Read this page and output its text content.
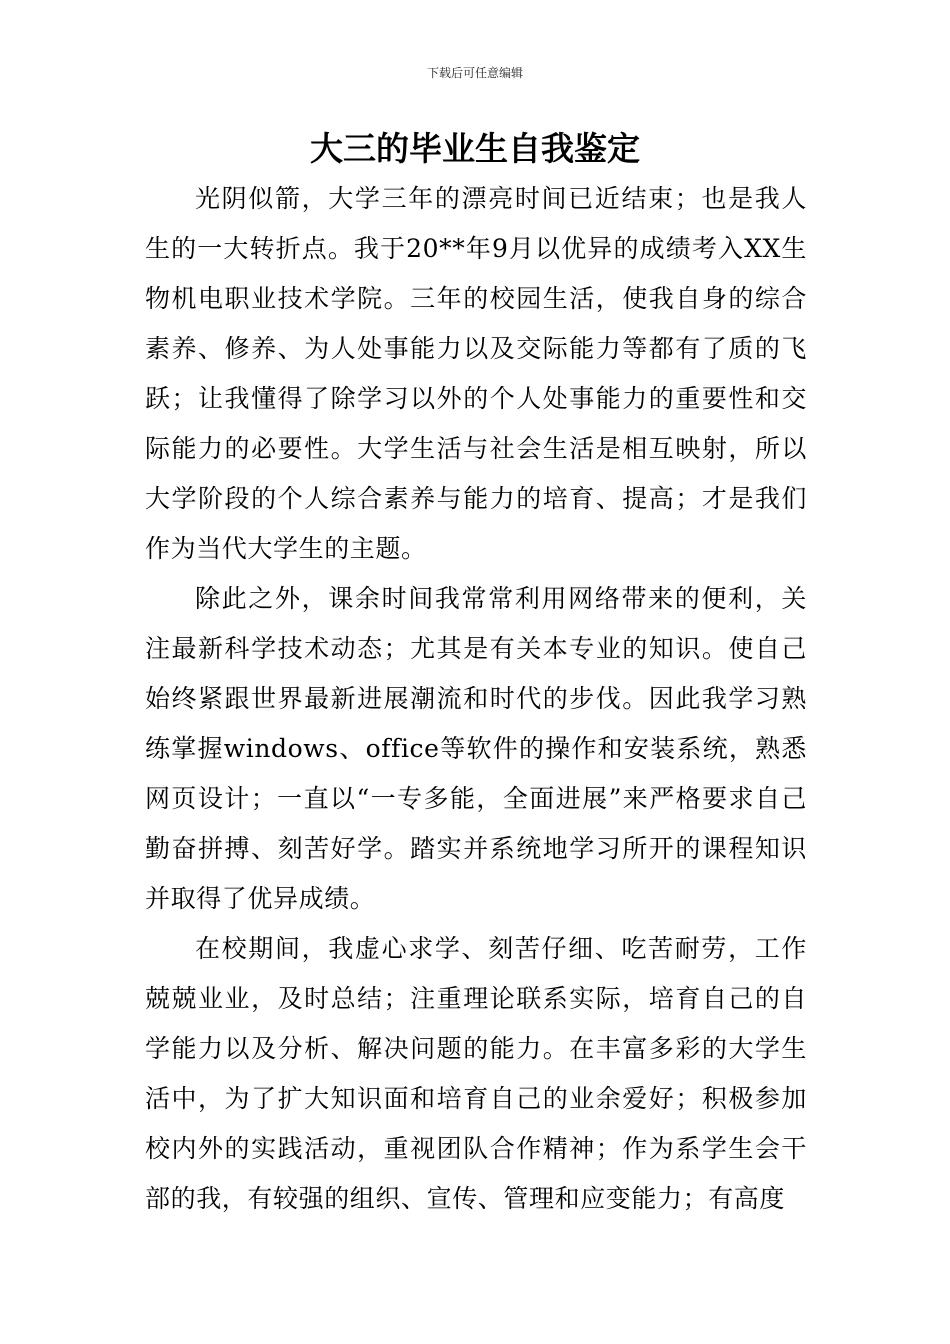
下载后可任意编辑
大三的毕业生自我鉴定

光阴似箭，大学三年的漂亮时间已近结束；也是我人生的一大转折点。我于20**年9月以优异的成绩考入XX生物机电职业技术学院。三年的校园生活，使我自身的综合素养、修养、为人处事能力以及交际能力等都有了质的飞跃；让我懂得了除学习以外的个人处事能力的重要性和交际能力的必要性。大学生活与社会生活是相互映射，所以大学阶段的个人综合素养与能力的培育、提高；才是我们作为当代大学生的主题。

除此之外，课余时间我常常利用网络带来的便利，关注最新科学技术动态；尤其是有关本专业的知识。使自己始终紧跟世界最新进展潮流和时代的步伐。因此我学习熟练掌握windows、office等软件的操作和安装系统，熟悉网页设计；一直以“一专多能，全面进展”来严格要求自己勤奋拼搏、刻苦好学。踏实并系统地学习所开的课程知识并取得了优异成绩。

在校期间，我虚心求学、刻苦仔细、吃苦耐劳，工作兢兢业业，及时总结；注重理论联系实际，培育自己的自学能力以及分析、解决问题的能力。在丰富多彩的大学生活中，为了扩大知识面和培育自己的业余爱好；积极参加校内外的实践活动，重视团队合作精神；作为系学生会干部的我，有较强的组织、宣传、管理和应变能力；有高度
